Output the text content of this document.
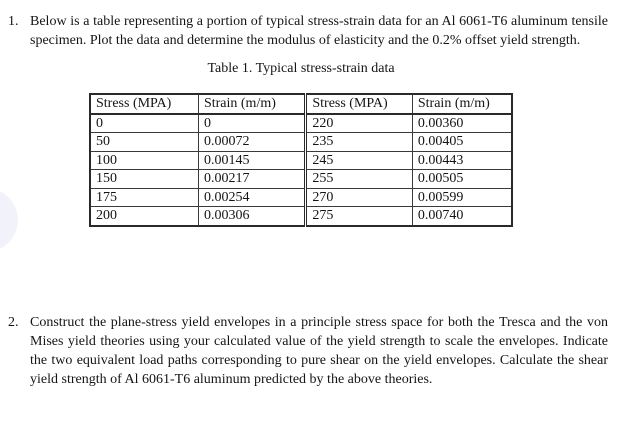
1. Below is a table representing a portion of typical stress-strain data for an Al 6061-T6 aluminum tensile specimen. Plot the data and determine the modulus of elasticity and the 0.2% offset yield strength.
Table 1. Typical stress-strain data
Stress (MPA)	Strain (m/m)	Stress (MPA)	Strain (m/m)
0	0	220	0.00360
50	0.00072	235	0.00405
100	0.00145	245	0.00443
150	0.00217	255	0.00505
175	0.00254	270	0.00599
200	0.00306	275	0.00740
2. Construct the plane-stress yield envelopes in a principle stress space for both the Tresca and the von Mises yield theories using your calculated value of the yield strength to scale the envelopes. Indicate the two equivalent load paths corresponding to pure shear on the yield envelopes. Calculate the shear yield strength of Al 6061-T6 aluminum predicted by the above theories.
